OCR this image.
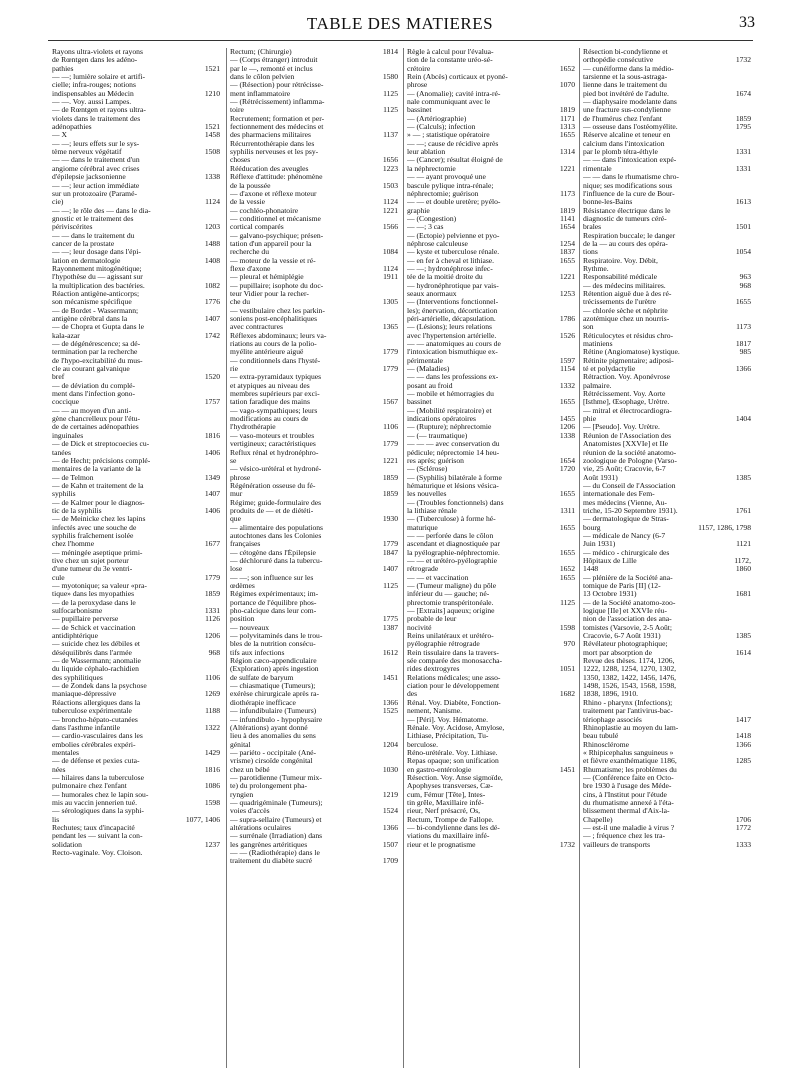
TABLE DES MATIERES	33
Rayons ultra-violets et rayons
de Rœntgen dans les adéno-
pathies	1521
— —; lumière solaire et artifi-
cielle; infra-rouges; notions
indispensables au Médecin	1210
— —. Voy. aussi Lampes.
— de Rœntgen et rayons ultra-
violets dans le traitement des
adénopathies	1521
— X	1458
— —; leurs effets sur le sys-
tème nerveux végétatif	1508
— — dans le traitement d'un
angiome cérébral avec crises
d'épilepsie jacksonienne	1338
— —; leur action immédiate
sur un protozoaire (Paramé-
cie)	1124
— —; le rôle des — dans le dia-
gnostic et le traitement des
périviscérites	1203
— — dans le traitement du
cancer de la prostate	1488
— —; leur dosage dans l'épi-
lation en dermatologie	1408
Rayonnement mitogénétique;
l'hypothèse du — agissant sur
la multiplication des bactéries.	1082
Réaction antigène-anticorps;
son mécanisme spécifique	1776
— de Bordet - Wassermann;
antigène cérébral dans la	1407
— de Chopra et Gupta dans le
kala-azar	1742
— de dégénérescence; sa dé-
termination par la recherche
de l'hypo-excitabilité du mus-
cle au courant galvanique
bref	1520
— de déviation du complé-
ment dans l'infection gono-
coccique	1757
— — au moyen d'un anti-
gène chancrelleux pour l'étu-
de de certaines adénopathies
inguinales	1816
— de Dick et streptocoecies cu-
tanées	1406
— de Hecht; précisions complé-
mentaires de la variante de la
— de Telmon	1349
— de Kahn et traitement de la
syphilis	1407
— de Kalmer pour le diagnos-
tic de la syphilis	1406
— de Meinicke chez les lapins
infectés avec une souche de
syphilis fraîchement isolée
chez l'homme	1677
— méningée aseptique primi-
tive chez un sujet porteur
d'une tumeur du 3e ventri-
cule	1779
— myotonique; sa valeur «pra-
tique» dans les myopathies	1859
— de la peroxydase dans le
sulfocarbonisme	1331
— pupillaire perverse	1126
— de Schick et vaccination
antidiphtérique	1206
— suicide chez les débiles et
déséquilibrés dans l'armée	968
— de Wassermann; anomalie
du liquide céphalo-rachidien
des syphilitiques	1106
— de Zondek dans la psychose
maniaque-dépressive	1269
Réactions allergiques dans la
tuberculose expérimentale	1188
— broncho-hépato-cutanées
dans l'asthme infantile	1322
— cardio-vasculaires dans les
embolies cérébrales expéri-
mentales	1429
— de défense et pexies cuta-
nées	1816
— hilaires dans la tuberculose
pulmonaire chez l'enfant	1086
— humorales chez le lapin sou-
mis au vaccin jennerien tué.	1598
— sérologiques dans la syphi-
lis	1077, 1406
Rechutes; taux d'incapacité
pendant les — suivant la con-
solidation	1237
Recto-vaginale. Voy. Cloison.
Rectum; (Chirurgie)	1814
— (Corps étranger) introduit
par le —, remonté et inclus
dans le côlon pelvien	1580
— (Résection) pour rétrécisse-
ment inflammatoire	1125
— (Rétrécissement) inflamma-
toire	1125
Recrutement; formation et per-
fectionnement des médecins et
des pharmaciens militaires	1137
Récurrentothérapie dans les
syphilis nerveuses et les psy-
choses	1656
Rééducation des aveugles	1223
Réflexe d'attitude: phénomène
de la poussée	1503
— d'axone et réflexe moteur
de la vessie	1124
— cochléo-phonatoire	1221
— conditionnel et mécanisme
cortical comparés	1566
— galvano-psychique; présen-
tation d'un appareil pour la
recherche du	1084
— moteur de la vessie et ré-
flexe d'axone	1124
— pleural et hémiplégie	1911
— pupillaire; isophote du doc-
teur Vidier pour la recher-
che du	1305
— vestibulaire chez les parkin-
soniens post-encéphalitiques
avec contractures	1365
Réflexes abdominaux; leurs va-
riations au cours de la polio-
myélite antérieure aiguë	1779
— conditionnels dans l'hysté-
rie	1779
— extra-pyramidaux typiques
et atypiques au niveau des
membres supérieurs par exci-
tation faradique des mains	1567
— vago-sympathiques; leurs
modifications au cours de
l'hydrothérapie	1106
— vaso-moteurs et troubles
vertigineux; caractéristiques	1779
Reflux rénal et hydronéphro-
se	1221
— vésico-urétéral et hydroné-
phrose	1859
Régénération osseuse du fé-
mur	1859
Régime; guide-formulaire des
produits de — et de diététi-
que	1930
— alimentaire des populations
autochtones dans les Colonies
françaises	1779
— cétogène dans l'Épilepsie	1847
— déchloruré dans la tubercu-
lose	1407
— —; son influence sur les
œdèmes	1125
Régimes expérimentaux; im-
portance de l'équilibre phos-
pho-calcique dans leur com-
position	1775
— nouveaux	1387
— polyvitaminés dans le trou-
bles de la nutrition consécu-
tifs aux infections	1612
Région cæco-appendiculaire
(Exploration) après ingestion
de sulfate de baryum	1451
— chiasmatique (Tumeurs);
exérèse chirurgicale après ra-
diothérapie inefficace	1366
— infundibulaire (Tumeurs)	1525
— infundibulo - hypophysaire
(Altérations) ayant donné
lieu à des anomalies du sens
génital	1204
— pariéto - occipitale (Ané-
vrisme) cirsoïde congénital
chez un bébé	1030
— parotidienne (Tumeur mix-
te) du prolongement pha-
ryngien	1219
— quadrigéminale (Tumeurs);
voies d'accès	1524
— supra-sellaire (Tumeurs) et
altérations oculaires	1366
— surrénale (Irradiation) dans
les gangrènes artéritiques	1507
— — (Radiothérapie) dans le
traitement du diabète sucré	1709
Règle à calcul pour l'évalua-
tion de la constante uréo-sé-
crétoire	1652
Rein (Abcès) corticaux et pyoné-
phrose	1070
— (Anomalie); cavité intra-ré-
nale communiquant avec le
bassinet	1819
— (Artériographie)	1171
— (Calculs); infection	1313
» — ; statistique opératoire	1655
— —; cause de récidive après
leur ablation	1314
— (Cancer); résultat éloigné de
la néphrectomie	1221
— — ayant provoqué une
bascule pylique intra-rénale;
néphrectomie; guérison	1173
— — et double uretère; pyélo-
graphie	1819
— (Congestion)	1141
— —; 3 cas	1654
— (Ectopie) pelvienne et pyo-
néphrose calculeuse	1254
— kyste et tuberculose rénale.	1837
— en fer à cheval et lithiase.	1655
— —; hydronéphrose infec-
tée de la moitié droite du	1221
— hydronéphrotique par vais-
seaux anormaux	1253
— (Interventions fonctionnel-
les); énervation, décortication
péri-artérielle, décapsulation.	1786
— (Lésions); leurs relations
avec l'hypertension artérielle.	1526
— — anatomiques au cours de
l'intoxication bismuthique ex-
périmentale	1597
— (Maladies)	1154
— — dans les professions ex-
posant au froid	1332
— mobile et hémorragies du
bassinet	1655
— (Mobilité respiratoire) et
indications opératoires	1455
— (Rupture); néphrectomie	1206
— (— traumatique)	1338
— — — avec conservation du
pédicule; néprectomie 14 heu-
res après; guérison	1654
— (Sclérose)	1720
— (Syphilis) bilatérale à forme
hématurique et lésions vésica-
les nouvelles	1655
— (Troubles fonctionnels) dans
la lithiase rénale	1311
— (Tuberculose) à forme hé-
maturique	1655
— — perforée dans le côlon
ascendant et diagnostiquée par
la pyélographie-néphrectomie.	1655
— — et urétéro-pyélographie
rétrograde	1652
— — et vaccination	1655
— (Tumeur maligne) du pôle
inférieur du — gauche; né-
phrectomie transpéritonéale.	1125
— [Extraits] aqueux; origine
probable de leur
nocivité	1598
Reins unilatéraux et urétéro-
pyélographie rétrograde	970
Rein tissulaire dans la travers-
sée comparée des monosaccha-
rides dextrogyres	1051
Relations médicales; une asso-
ciation pour le développement
des	1682
Rénal. Voy. Diabète, Fonction-
nement, Nanisme.
— [Péri]. Voy. Hématome.
Rénale. Voy. Acidose, Amylose,
Lithiase, Précipitation, Tu-
berculose.
Réno-urétérale. Voy. Lithiase.
Repas opaque; son unification
en gastro-entérologie	1451
Résection. Voy. Anse sigmoïde,
Apophyses transverses, Cæ-
cum, Fémur [Tête], Intes-
tin grêle, Maxillaire infé-
rieur, Nerf présacré, Os,
Rectum, Trompe de Fallope.
— bi-condylienne dans les dé-
viations du maxillaire infé-
rieur et le prognatisme	1732
Résection bi-condylienne et
orthopédie consécutive	1732
— cunéiforme dans la médio-
tarsienne et la sous-astraga-
lienne dans le traitement du
pied bot invétéré de l'adulte.	1674
— diaphysaire modelante dans
une fracture sus-condylienne
de l'humérus chez l'enfant	1859
— osseuse dans l'ostéomyélite.	1795
Réserve alcaline et teneur en
calcium dans l'intoxication
par le plomb tétra-éthyle	1331
— — dans l'intoxication expé-
rimentale	1331
— — dans le rhumatisme chro-
nique; ses modifications sous
l'influence de la cure de Bour-
bonne-les-Bains	1613
Résistance électrique dans le
diagnostic de tumeurs céré-
brales	1501
Respiration buccale; le danger
de la — au cours des opéra-
tions	1054
Respiratoire. Voy. Débit,
Rythme.
Responsabilité médicale	963
— des médecins militaires.	968
Rétention aiguë due à des ré-
trécissements de l'urètre	1655
— chlorée sèche et néphrite
azotémique chez un nourris-
son	1173
Réticulocytes et résidus chro-
matiniens	1817
Rétine (Angiomatose) kystique.	985
Rétinite pigmentaire; adiposi-
té et polydactylie	1366
Rétraction. Voy. Aponévrose
palmaire.
Rétrécissement. Voy. Aorte
[Isthme], Œsophage, Urètre.
— mitral et électrocardiogra-
phie	1404
— [Pseudo]. Voy. Urètre.
Réunion de l'Association des
Anatomistes [XXVIe] et IIe
réunion de la société anatomo-
zoologique de Pologne (Varso-
vie, 25 Août; Cracovie, 6-7
Août 1931)	1385
— du Conseil de l'Association
internationale des Fem-
mes médecins (Vienne, Au-
triche, 15-20 Septembre 1931).	1761
— dermatologique de Stras-
bourg	1157, 1286, 1798
— médicale de Nancy (6-7
Juin 1931)	1121
— médico - chirurgicale des
Hôpitaux de Lille	1172,
1448	1860
— plénière de la Société ana-
tomique de Paris [II] (12-
13 Octobre 1931)	1681
— de la Société anatomo-zoo-
logique [IIe] et XXVIe réu-
nion de l'association des ana-
tomistes (Varsovie, 2-5 Août;
Cracovie, 6-7 Août 1931)	1385
Révélateur photographique;
mort par absorption de	1614
Revue des thèses. 1174, 1206,
1222, 1288, 1254, 1270, 1302,
1350, 1382, 1422, 1456, 1476,
1498, 1526, 1543, 1568, 1598,
1838, 1896, 1910.
Rhino - pharynx (Infections);
traitement par l'antivirus-bac-
tériophage associés	1417
Rhinoplastie au moyen du lam-
beau tubulé	1418
Rhinosclérome	1366
« Rhipicephalus sanguineus »
et fièvre exanthématique 1186,	1285
Rhumatisme; les problèmes du
— (Conférence faite en Octo-
bre 1930 à l'usage des Méde-
cins, à l'Institut pour l'étude
du rhumatisme annexé à l'éta-
blissement thermal d'Aix-la-
Chapelle)	1706
— est-il une maladie à virus ?	1772
— ; fréquence chez les tra-
vailleurs de transports	1333
